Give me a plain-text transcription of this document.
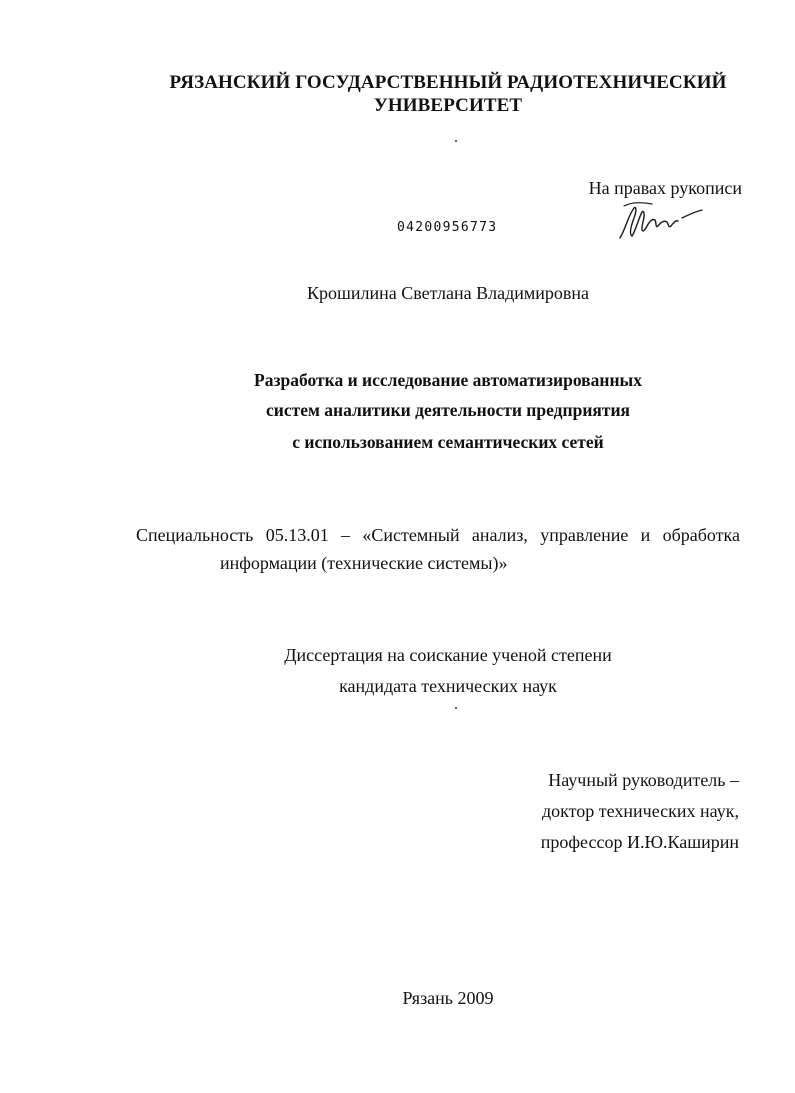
РЯЗАНСКИЙ ГОСУДАРСТВЕННЫЙ РАДИОТЕХНИЧЕСКИЙ
УНИВЕРСИТЕТ
На правах рукописи
04200956773
Крошилина Светлана Владимировна
Разработка и исследование автоматизированных
систем аналитики деятельности предприятия
с использованием семантических сетей
Специальность 05.13.01 – «Системный анализ, управление и обработка
информации (технические системы)»
Диссертация на соискание ученой степени
кандидата технических наук
Научный руководитель –
доктор технических наук,
профессор И.Ю.Каширин
Рязань 2009
